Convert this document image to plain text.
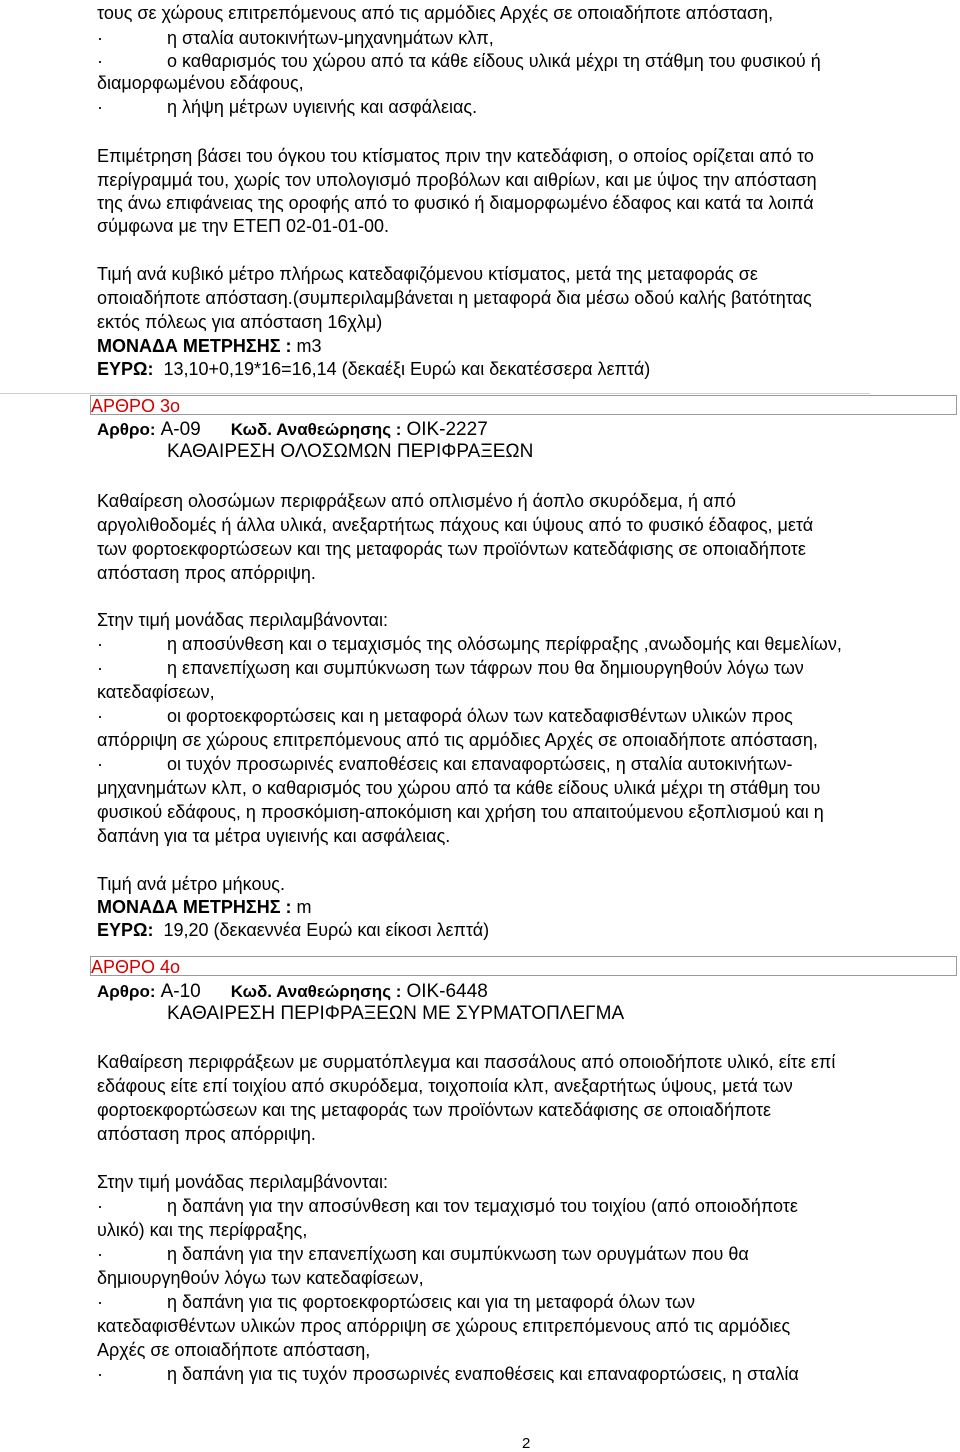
τους σε χώρους επιτρεπόμενους από τις αρμόδιες Αρχές σε οποιαδήποτε απόσταση,
·	η σταλία αυτοκινήτων-μηχανημάτων κλπ,
·	ο καθαρισμός του χώρου από τα κάθε είδους υλικά μέχρι τη στάθμη του φυσικού ή
διαμορφωμένου εδάφους,
·	η λήψη μέτρων υγιεινής και ασφάλειας.
Επιμέτρηση βάσει του όγκου του κτίσματος πριν την κατεδάφιση, ο οποίος ορίζεται από το
περίγραμμά του, χωρίς τον υπολογισμό προβόλων και αιθρίων, και με ύψος την απόσταση
της άνω επιφάνειας της οροφής από το φυσικό ή διαμορφωμένο έδαφος και κατά τα λοιπά
σύμφωνα με την ΕΤΕΠ 02-01-01-00.
Τιμή ανά κυβικό μέτρο πλήρως κατεδαφιζόμενου κτίσματος, μετά της μεταφοράς σε
οποιαδήποτε απόσταση.(συμπεριλαμβάνεται η μεταφορά δια μέσω οδού καλής βατότητας
εκτός πόλεως για απόσταση 16χλμ)
ΜΟΝΑΔΑ ΜΕΤΡΗΣΗΣ : m3
ΕΥΡΩ: 13,10+0,19*16=16,14 (δεκαέξι Ευρώ και δεκατέσσερα λεπτά)
ΑΡΘΡΟ 3ο
Αρθρο: Α-09 Κωδ. Αναθεώρησης : ΟΙΚ-2227
ΚΑΘΑΙΡΕΣΗ ΟΛΟΣΩΜΩΝ ΠΕΡΙΦΡΑΞΕΩΝ
Καθαίρεση ολοσώμων περιφράξεων από οπλισμένο ή άοπλο σκυρόδεμα, ή από
αργολιθοδομές ή άλλα υλικά, ανεξαρτήτως πάχους και ύψους από το φυσικό έδαφος, μετά
των φορτοεκφορτώσεων και της μεταφοράς των προϊόντων κατεδάφισης σε οποιαδήποτε
απόσταση προς απόρριψη.
Στην τιμή μονάδας περιλαμβάνονται:
·	η αποσύνθεση και ο τεμαχισμός της ολόσωμης περίφραξης ,ανωδομής και θεμελίων,
·	η επανεπίχωση και συμπύκνωση των τάφρων που θα δημιουργηθούν λόγω των
κατεδαφίσεων,
·	οι φορτοεκφορτώσεις και η μεταφορά όλων των κατεδαφισθέντων υλικών προς
απόρριψη σε χώρους επιτρεπόμενους από τις αρμόδιες Αρχές σε οποιαδήποτε απόσταση,
·	οι τυχόν προσωρινές εναποθέσεις και επαναφορτώσεις, η σταλία αυτοκινήτων-
μηχανημάτων κλπ, ο καθαρισμός του χώρου από τα κάθε είδους υλικά μέχρι τη στάθμη του
φυσικού εδάφους, η προσκόμιση-αποκόμιση και χρήση του απαιτούμενου εξοπλισμού και η
δαπάνη για τα μέτρα υγιεινής και ασφάλειας.
Τιμή ανά μέτρο μήκους.
ΜΟΝΑΔΑ ΜΕΤΡΗΣΗΣ : m
ΕΥΡΩ: 19,20 (δεκαεννέα Ευρώ και είκοσι λεπτά)
ΑΡΘΡΟ 4ο
Αρθρο: Α-10 Κωδ. Αναθεώρησης : ΟΙΚ-6448
ΚΑΘΑΙΡΕΣΗ ΠΕΡΙΦΡΑΞΕΩΝ ΜΕ ΣΥΡΜΑΤΟΠΛΕΓΜΑ
Καθαίρεση περιφράξεων με συρματόπλεγμα και πασσάλους από οποιοδήποτε υλικό, είτε επί
εδάφους είτε επί τοιχίου από σκυρόδεμα, τοιχοποιία κλπ, ανεξαρτήτως ύψους, μετά των
φορτοεκφορτώσεων και της μεταφοράς των προϊόντων κατεδάφισης σε οποιαδήποτε
απόσταση προς απόρριψη.
Στην τιμή μονάδας περιλαμβάνονται:
·	η δαπάνη για την αποσύνθεση και τον τεμαχισμό του τοιχίου (από οποιοδήποτε
υλικό) και της περίφραξης,
·	η δαπάνη για την επανεπίχωση και συμπύκνωση των ορυγμάτων που θα
δημιουργηθούν λόγω των κατεδαφίσεων,
·	η δαπάνη για τις φορτοεκφορτώσεις και για τη μεταφορά όλων των
κατεδαφισθέντων υλικών προς απόρριψη σε χώρους επιτρεπόμενους από τις αρμόδιες
Αρχές σε οποιαδήποτε απόσταση,
·	η δαπάνη για τις τυχόν προσωρινές εναποθέσεις και επαναφορτώσεις, η σταλία
2
